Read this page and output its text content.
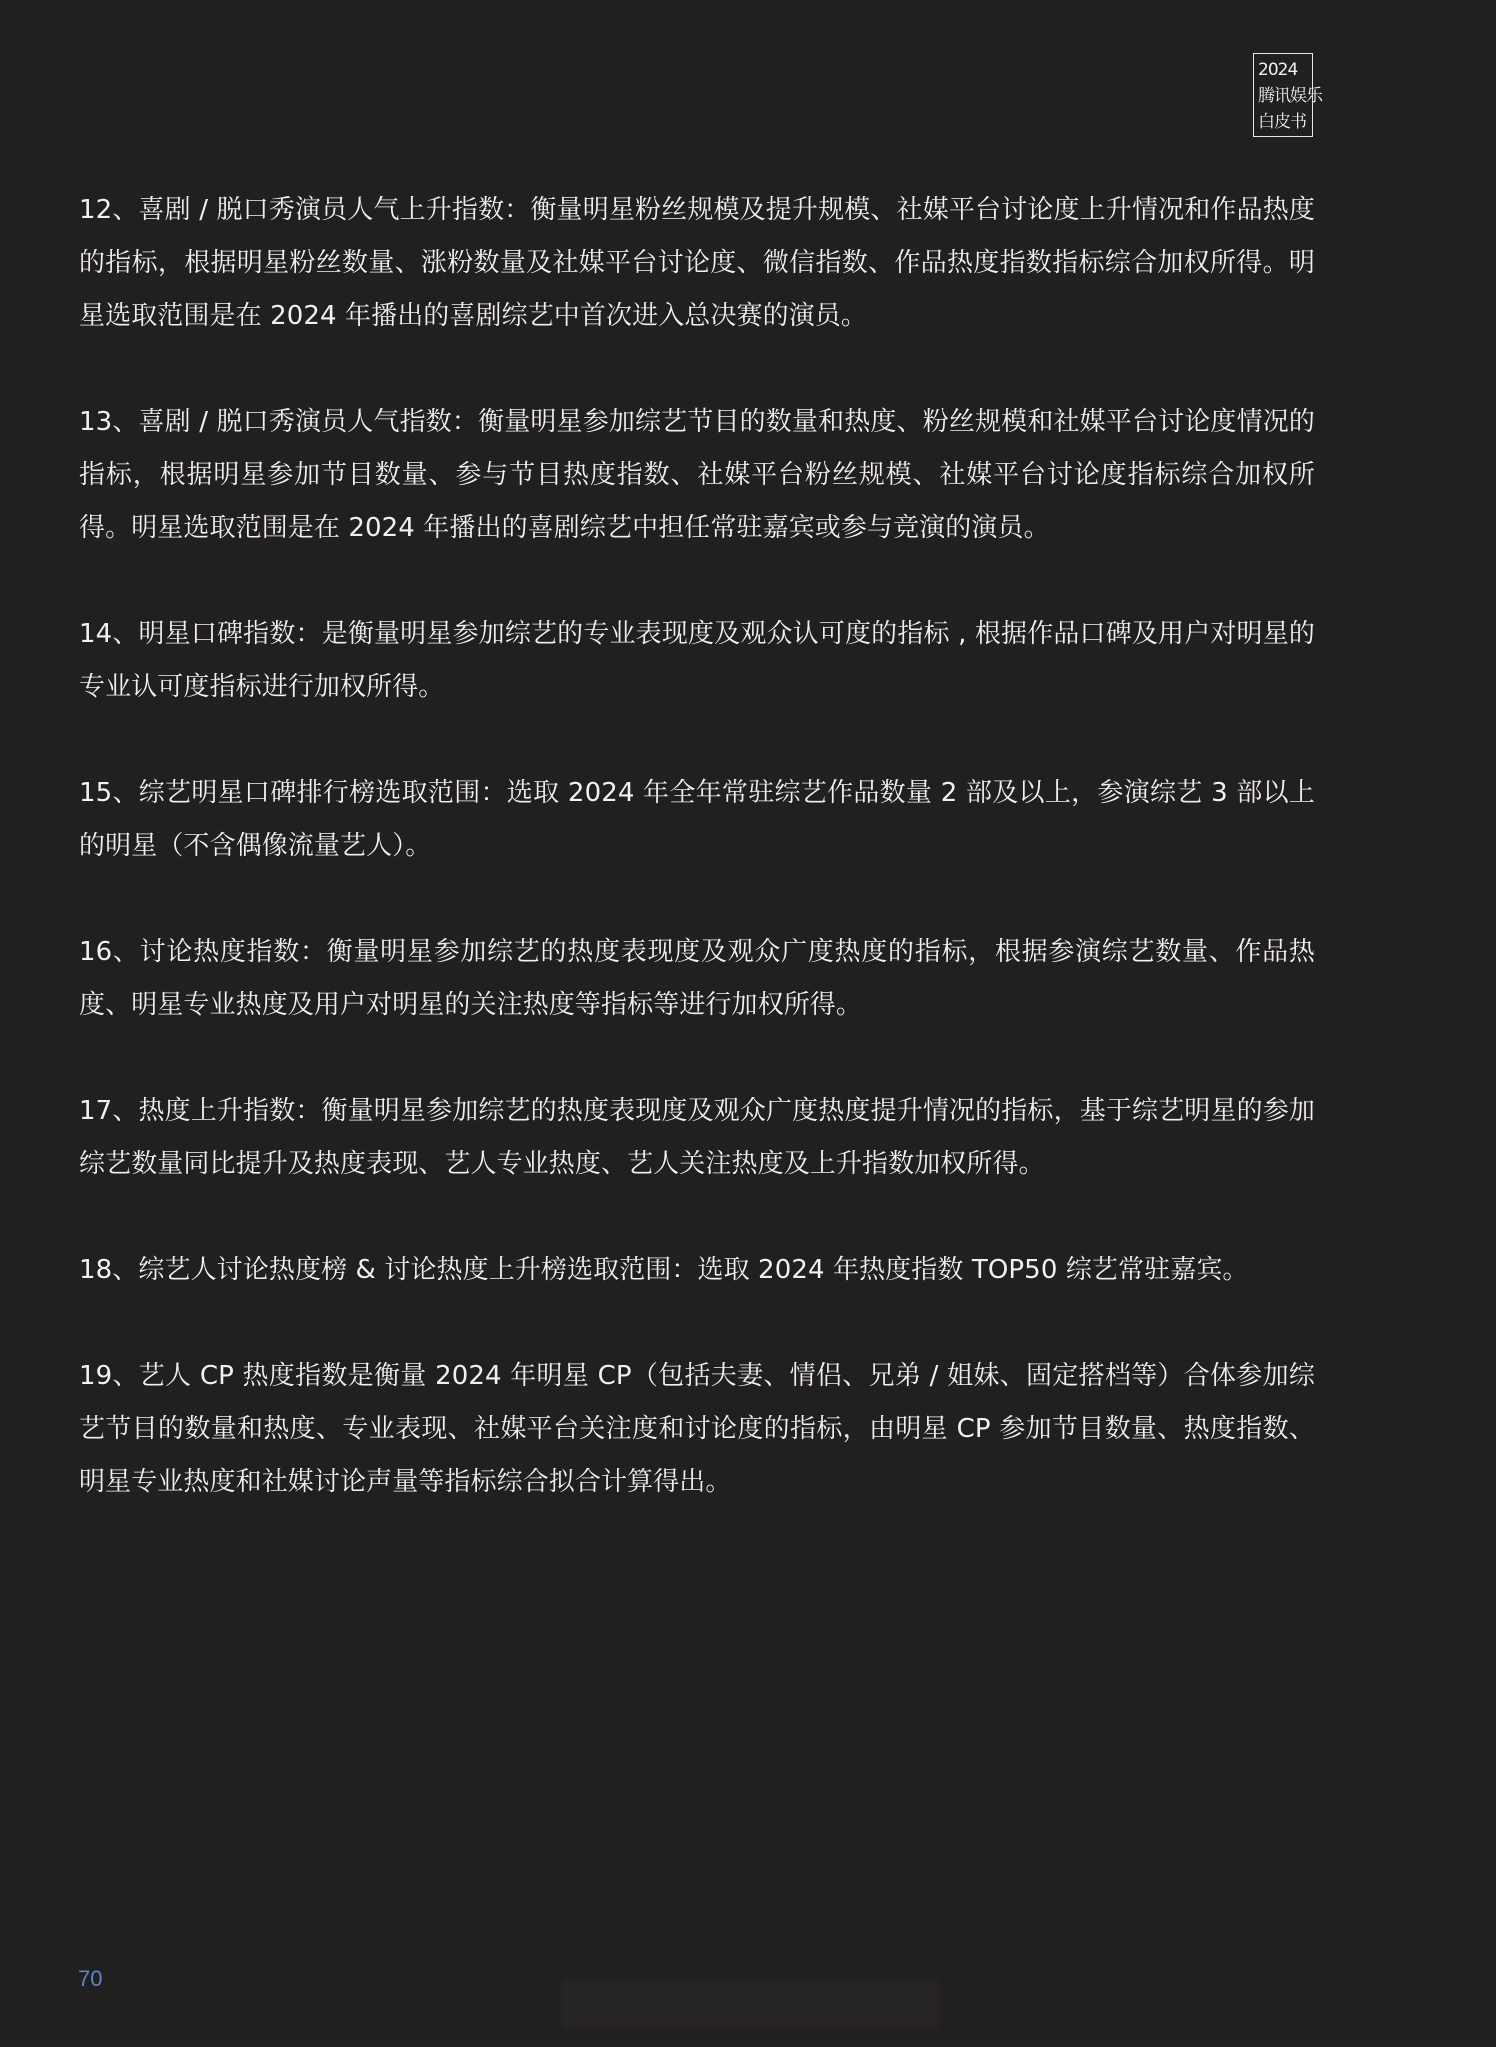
2024
腾讯娱乐
白皮书

12、喜剧 / 脱口秀演员人气上升指数：衡量明星粉丝规模及提升规模、社媒平台讨论度上升情况和作品热度的指标，根据明星粉丝数量、涨粉数量及社媒平台讨论度、微信指数、作品热度指数指标综合加权所得。明星选取范围是在 2024 年播出的喜剧综艺中首次进入总决赛的演员。

13、喜剧 / 脱口秀演员人气指数：衡量明星参加综艺节目的数量和热度、粉丝规模和社媒平台讨论度情况的指标，根据明星参加节目数量、参与节目热度指数、社媒平台粉丝规模、社媒平台讨论度指标综合加权所得。明星选取范围是在 2024 年播出的喜剧综艺中担任常驻嘉宾或参与竞演的演员。

14、明星口碑指数：是衡量明星参加综艺的专业表现度及观众认可度的指标 , 根据作品口碑及用户对明星的专业认可度指标进行加权所得。

15、综艺明星口碑排行榜选取范围：选取 2024 年全年常驻综艺作品数量 2 部及以上，参演综艺 3 部以上的明星（不含偶像流量艺人）。

16、讨论热度指数：衡量明星参加综艺的热度表现度及观众广度热度的指标，根据参演综艺数量、作品热度、明星专业热度及用户对明星的关注热度等指标等进行加权所得。

17、热度上升指数：衡量明星参加综艺的热度表现度及观众广度热度提升情况的指标，基于综艺明星的参加综艺数量同比提升及热度表现、艺人专业热度、艺人关注热度及上升指数加权所得。

18、综艺人讨论热度榜 & 讨论热度上升榜选取范围：选取 2024 年热度指数 TOP50 综艺常驻嘉宾。

19、艺人 CP 热度指数是衡量 2024 年明星 CP（包括夫妻、情侣、兄弟 / 姐妹、固定搭档等）合体参加综艺节目的数量和热度、专业表现、社媒平台关注度和讨论度的指标，由明星 CP 参加节目数量、热度指数、明星专业热度和社媒讨论声量等指标综合拟合计算得出。

70
